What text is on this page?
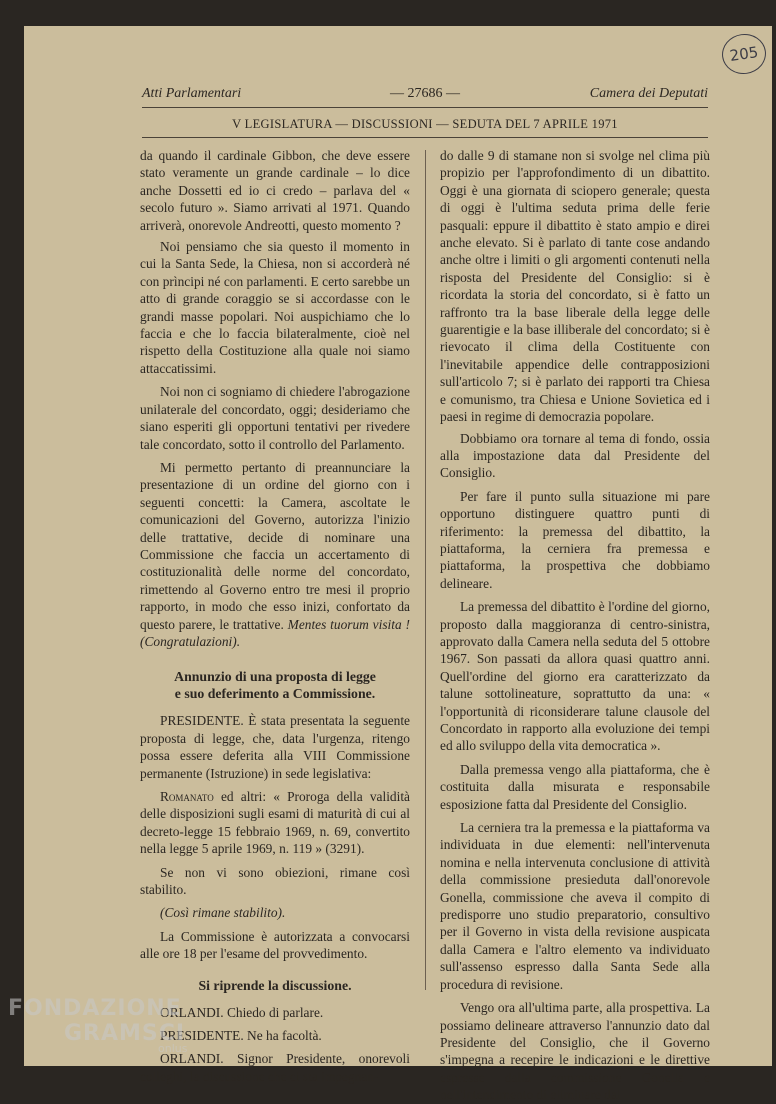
205
Atti Parlamentari	— 27686 —	Camera dei Deputati
V LEGISLATURA — DISCUSSIONI — SEDUTA DEL 7 APRILE 1971

da quando il cardinale Gibbon, che deve essere stato veramente un grande cardinale – lo dice anche Dossetti ed io ci credo – parlava del « secolo futuro ». Siamo arrivati al 1971. Quando arriverà, onorevole Andreotti, questo momento ?

Noi pensiamo che sia questo il momento in cui la Santa Sede, la Chiesa, non si accorderà né con prìncipi né con parlamenti. E certo sarebbe un atto di grande coraggio se si accordasse con le grandi masse popolari. Noi auspichiamo che lo faccia e che lo faccia bilateralmente, cioè nel rispetto della Costituzione alla quale noi siamo attaccatissimi.

Noi non ci sogniamo di chiedere l'abrogazione unilaterale del concordato, oggi; desideriamo che siano esperiti gli opportuni tentativi per rivedere tale concordato, sotto il controllo del Parlamento.

Mi permetto pertanto di preannunciare la presentazione di un ordine del giorno con i seguenti concetti: la Camera, ascoltate le comunicazioni del Governo, autorizza l'inizio delle trattative, decide di nominare una Commissione che faccia un accertamento di costituzionalità delle norme del concordato, rimettendo al Governo entro tre mesi il proprio rapporto, in modo che esso inizi, confortato da questo parere, le trattative. Mentes tuorum visita ! (Congratulazioni).

Annunzio di una proposta di legge
e suo deferimento a Commissione.

PRESIDENTE. È stata presentata la seguente proposta di legge, che, data l'urgenza, ritengo possa essere deferita alla VIII Commissione permanente (Istruzione) in sede legislativa:

Romanato ed altri: « Proroga della validità delle disposizioni sugli esami di maturità di cui al decreto-legge 15 febbraio 1969, n. 69, convertito nella legge 5 aprile 1969, n. 119 » (3291).

Se non vi sono obiezioni, rimane così stabilito.

(Così rimane stabilito).

La Commissione è autorizzata a convocarsi alle ore 18 per l'esame del provvedimento.

Si riprende la discussione.

ORLANDI. Chiedo di parlare.

PRESIDENTE. Ne ha facoltà.

ORLANDI. Signor Presidente, onorevoli colleghi, la discussione che ci sta impegnan-

do dalle 9 di stamane non si svolge nel clima più propizio per l'approfondimento di un dibattito. Oggi è una giornata di sciopero generale; questa di oggi è l'ultima seduta prima delle ferie pasquali: eppure il dibattito è stato ampio e direi anche elevato. Si è parlato di tante cose andando anche oltre i limiti o gli argomenti contenuti nella risposta del Presidente del Consiglio: si è ricordata la storia del concordato, si è fatto un raffronto tra la base liberale della legge delle guarentigie e la base illiberale del concordato; si è rievocato il clima della Costituente con l'inevitabile appendice delle contrapposizioni sull'articolo 7; si è parlato dei rapporti tra Chiesa e comunismo, tra Chiesa e Unione Sovietica ed i paesi in regime di democrazia popolare.

Dobbiamo ora tornare al tema di fondo, ossia alla impostazione data dal Presidente del Consiglio.

Per fare il punto sulla situazione mi pare opportuno distinguere quattro punti di riferimento: la premessa del dibattito, la piattaforma, la cerniera fra premessa e piattaforma, la prospettiva che dobbiamo delineare.

La premessa del dibattito è l'ordine del giorno, proposto dalla maggioranza di centro-sinistra, approvato dalla Camera nella seduta del 5 ottobre 1967. Son passati da allora quasi quattro anni. Quell'ordine del giorno era caratterizzato da talune sottolineature, soprattutto da una: « l'opportunità di riconsiderare talune clausole del Concordato in rapporto alla evoluzione dei tempi ed allo sviluppo della vita democratica ».

Dalla premessa vengo alla piattaforma, che è costituita dalla misurata e responsabile esposizione fatta dal Presidente del Consiglio.

La cerniera tra la premessa e la piattaforma va individuata in due elementi: nell'intervenuta nomina e nella intervenuta conclusione di attività della commissione presieduta dall'onorevole Gonella, commissione che aveva il compito di predisporre uno studio preparatorio, consultivo per il Governo in vista della revisione auspicata dalla Camera e l'altro elemento va individuato sull'assenso espresso dalla Santa Sede alla procedura di revisione.

Vengo ora all'ultima parte, alla prospettiva. La possiamo delineare attraverso l'annunzio dato dal Presidente del Consiglio, che il Governo s'impegna a recepire le indicazioni e le direttive espresse dalla commissione Gonella e nell'intendimento di eliminare dal

FONDAZIONE
GRAMSCI
onlus
